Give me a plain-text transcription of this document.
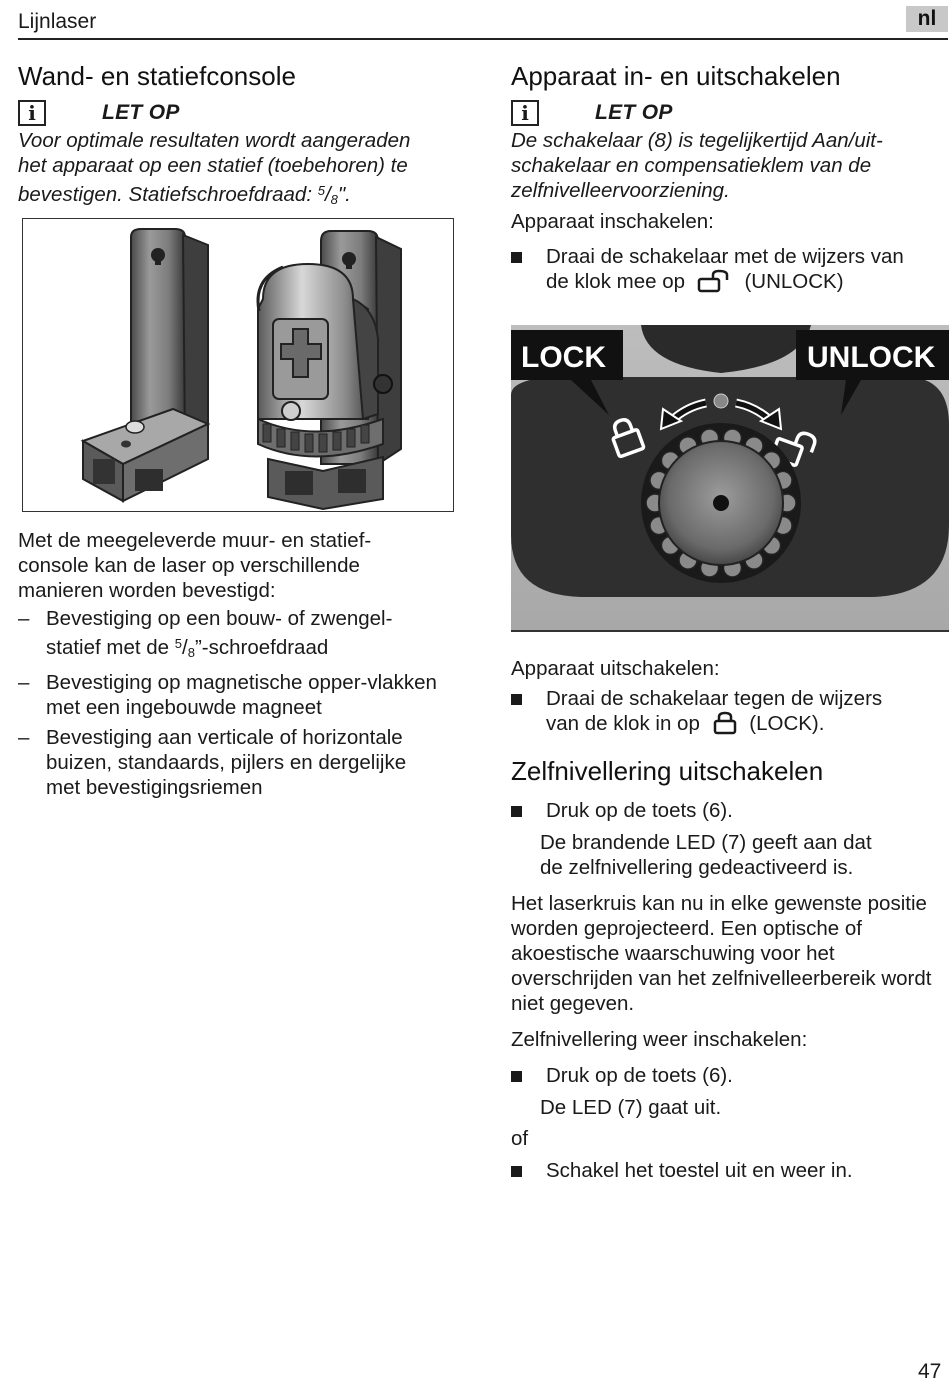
Lijnlaser	nl
Wand- en statiefconsole
i	LET OP
Voor optimale resultaten wordt aangeraden
het apparaat op een statief (toebehoren) te
bevestigen. Statiefschroefdraad: $^5$/8".

Met de meegeleverde muur- en statief-

console kan de laser op verschillende

manieren worden bevestigd:

– Bevestiging op een bouw- of zwengel-
statief met de $^5$/8”-schroefdraad
– Bevestiging op magnetische opper-vlakken
met een ingebouwde magneet
– Bevestiging aan verticale of horizontale
buizen, standaards, pijlers en dergelijke
met bevestigingsriemen
Apparaat in- en uitschakelen
i	LET OP
De schakelaar (8) is tegelijkertijd Aan/uit-
schakelaar en compensatieklem van de
zelfnivelleervoorziening.

Apparaat inschakelen:

Draai de schakelaar met de wijzers van
de klok mee op	(UNLOCK)
LOCK	UNLOCK

Apparaat uitschakelen:

Draai de schakelaar tegen de wijzers
van de klok in op (LOCK).
Zelfnivellering uitschakelen
Druk op de toets (6).
De brandende LED (7) geeft aan dat
de zelfnivellering gedeactiveerd is.

Het laserkruis kan nu in elke gewenste positie

worden geprojecteerd. Een optische of

akoestische waarschuwing voor het

overschrijden van het zelfnivelleerbereik wordt

niet gegeven.

Zelfnivellering weer inschakelen:

Druk op de toets (6).

De LED (7) gaat uit.

of

Schakel het toestel uit en weer in.
47
